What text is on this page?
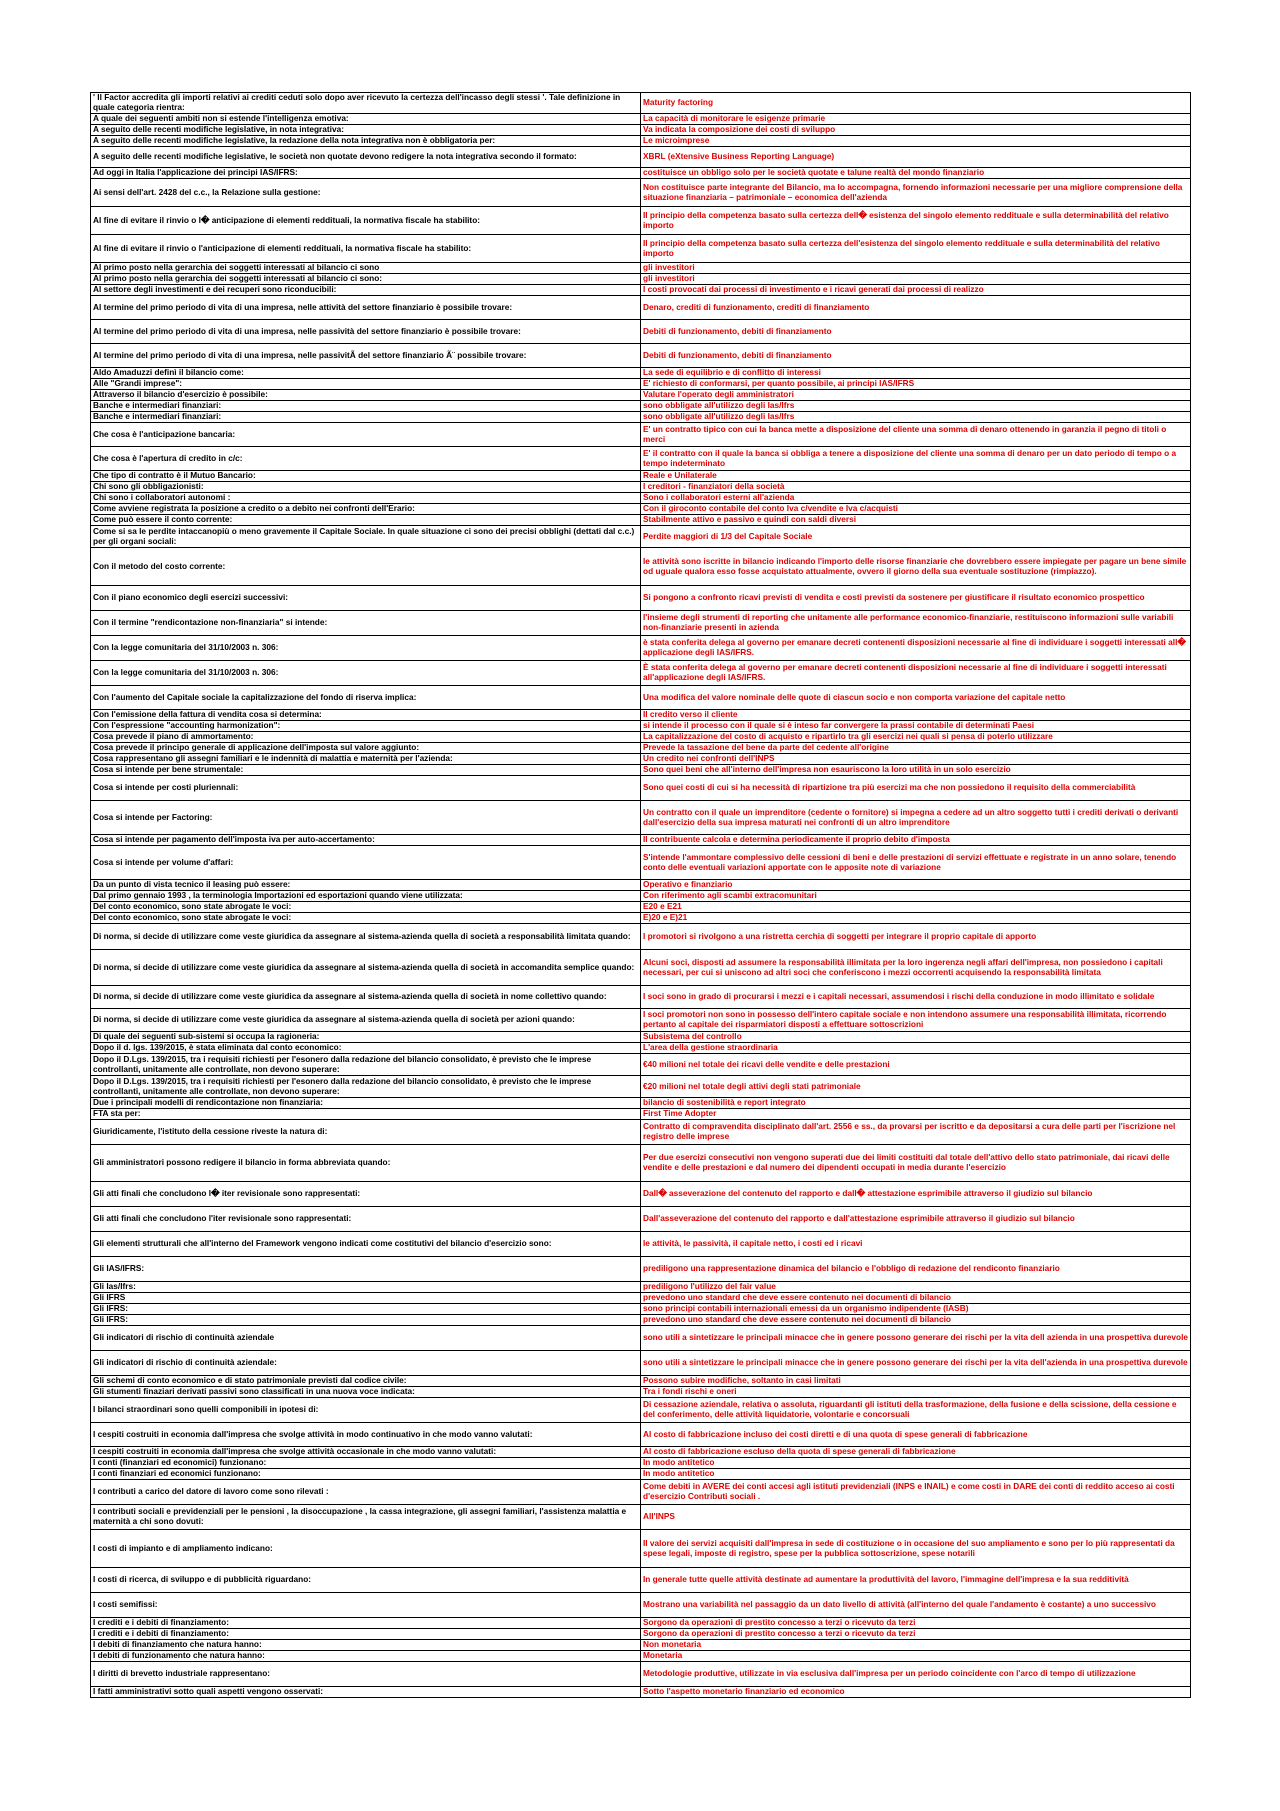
' Il Factor accredita gli importi relativi ai crediti ceduti solo dopo aver ricevuto la certezza dell'incasso degli stessi '. Tale definizione in quale categoria rientra:	Maturity factoring
A quale dei seguenti ambiti non si estende l'intelligenza emotiva:	La capacità di monitorare le esigenze primarie
A seguito delle recenti modifiche legislative, in nota integrativa:	Va indicata la composizione dei costi di sviluppo
A seguito delle recenti modifiche legislative, la redazione della nota integrativa non è obbligatoria per:	Le microimprese
A seguito delle recenti modifiche legislative, le società non quotate devono redigere la nota integrativa secondo il formato:	XBRL (eXtensive Business Reporting Language)
Ad oggi in Italia l'applicazione dei principi IAS/IFRS:	costituisce un obbligo solo per le società quotate e talune realtà del mondo finanziario
Ai sensi dell'art. 2428 del c.c., la Relazione sulla gestione:	Non costituisce parte integrante del Bilancio, ma lo accompagna, fornendo informazioni necessarie per una migliore comprensione della situazione finanziaria – patrimoniale – economica dell'azienda
Al fine di evitare il rinvio o l� anticipazione di elementi reddituali, la normativa fiscale ha stabilito:	Il principio della competenza basato sulla certezza dell� esistenza del singolo elemento reddituale e sulla determinabilità del relativo importo
Al fine di evitare il rinvio o l'anticipazione di elementi reddituali, la normativa fiscale ha stabilito:	Il principio della competenza basato sulla certezza dell'esistenza del singolo elemento reddituale e sulla determinabilità del relativo importo
Al primo posto nella gerarchia dei soggetti interessati al bilancio ci sono	gli investitori
Al primo posto nella gerarchia dei soggetti interessati al bilancio ci sono:	gli investitori
Al settore degli investimenti e dei recuperi sono riconducibili:	I costi provocati dai processi di investimento e i ricavi generati dai processi di realizzo
Al termine del primo periodo di vita di una impresa, nelle attività del settore finanziario è possibile trovare:	Denaro, crediti di funzionamento, crediti di finanziamento
Al termine del primo periodo di vita di una impresa, nelle passività del settore finanziario è possibile trovare:	Debiti di funzionamento, debiti di finanziamento
Al termine del primo periodo di vita di una impresa, nelle passivitÃ del settore finanziario Ã¨ possibile trovare:	Debiti di funzionamento, debiti di finanziamento
Aldo Amaduzzi definì il bilancio come:	La sede di equilibrio e di conflitto di interessi
Alle "Grandi imprese":	E' richiesto di conformarsi, per quanto possibile, ai principi IAS/IFRS
Attraverso il bilancio d'esercizio è possibile:	Valutare l'operato degli amministratori
Banche e intermediari finanziari:	sono obbligate all'utilizzo degli Ias/Ifrs
Banche e intermediari finanziari:	sono obbligate all'utilizzo degli Ias/Ifrs
Che cosa è l'anticipazione bancaria:	E' un contratto tipico con cui la banca mette a disposizione del cliente una somma di denaro ottenendo in garanzia il pegno di titoli o merci
Che cosa è l'apertura di credito in c/c:	E' il contratto con il quale la banca si obbliga a tenere a disposizione del cliente una somma di denaro per un dato periodo di tempo o a tempo indeterminato
Che tipo di contratto è il Mutuo Bancario:	Reale e Unilaterale
Chi sono gli obbligazionisti:	I creditori - finanziatori della società
Chi sono i collaboratori autonomi :	Sono i collaboratori esterni all'azienda
Come avviene registrata la posizione a credito o a debito nei confronti dell'Erario:	Con il giroconto contabile del conto Iva c/vendite e Iva c/acquisti
Come può essere il conto corrente:	Stabilmente attivo e passivo e quindi con saldi diversi
Come si sa le perdite intaccanopiù o meno gravemente il Capitale Sociale. In quale situazione ci sono dei precisi obblighi (dettati dal c.c.) per gli organi sociali:	Perdite maggiori di 1/3 del Capitale Sociale
Con il metodo del costo corrente:	le attività sono iscritte in bilancio indicando l'importo delle risorse finanziarie che dovrebbero essere impiegate per pagare un bene simile od uguale qualora esso fosse acquistato attualmente, ovvero il giorno della sua eventuale sostituzione (rimpiazzo).
Con il piano economico degli esercizi successivi:	Si pongono a confronto ricavi previsti di vendita e costi previsti da sostenere per giustificare il risultato economico prospettico
Con il termine "rendicontazione non-finanziaria" si intende:	l'insieme degli strumenti di reporting che unitamente alle performance economico-finanziarie, restituiscono informazioni sulle variabili non-finanziarie presenti in azienda
Con la legge comunitaria del 31/10/2003 n. 306:	è stata conferita delega al governo per emanare decreti contenenti disposizioni necessarie al fine di individuare i soggetti interessati all� applicazione degli IAS/IFRS.
Con la legge comunitaria del 31/10/2003 n. 306:	È stata conferita delega al governo per emanare decreti contenenti disposizioni necessarie al fine di individuare i soggetti interessati all'applicazione degli IAS/IFRS.
Con l'aumento del Capitale sociale la capitalizzazione del fondo di riserva implica:	Una modifica del valore nominale delle quote di ciascun socio e non comporta variazione del capitale netto
Con l'emissione della fattura di vendita cosa si determina:	Il credito verso il cliente
Con l'espressione "accounting harmonization":	si intende il processo con il quale si è inteso far convergere la prassi contabile di determinati Paesi
Cosa prevede il piano di ammortamento:	La capitalizzazione del costo di acquisto e ripartirlo tra gli esercizi nei quali si pensa di poterlo utilizzare
Cosa prevede il principo generale di applicazione dell'imposta sul valore aggiunto:	Prevede la tassazione del bene da parte del cedente all'origine
Cosa rappresentano gli assegni familiari e le indennità di malattia e maternità per l'azienda:	Un credito nei confronti dell'INPS
Cosa si intende per bene strumentale:	Sono quei beni che all'interno dell'impresa non esauriscono la loro utilità in un solo esercizio
Cosa si intende per costi pluriennali:	Sono quei costi di cui si ha necessità di ripartizione tra più esercizi ma che non possiedono il requisito della commerciabilità
Cosa si intende per Factoring:	Un contratto con il quale un imprenditore (cedente o fornitore) si impegna a cedere ad un altro soggetto tutti i crediti derivati o derivanti dall'esercizio della sua impresa maturati nei confronti di un altro imprenditore
Cosa si intende per pagamento dell'imposta iva per auto-accertamento:	Il contribuente calcola e determina periodicamente il proprio debito d'imposta
Cosa si intende per volume d'affari:	S'intende l'ammontare complessivo delle cessioni di beni e delle prestazioni di servizi effettuate e registrate in un anno solare, tenendo conto delle eventuali variazioni apportate con le apposite note di variazione
Da un punto di vista tecnico il leasing può essere:	Operativo e finanziario
Dal primo gennaio 1993 , la terminologia Importazioni ed esportazioni quando viene utilizzata:	Con riferimento agli scambi extracomunitari
Del conto economico, sono state abrogate le voci:	E20 e E21
Del conto economico, sono state abrogate le voci:	E)20 e E)21
Di norma, si decide di utilizzare come veste giuridica da assegnare al sistema-azienda quella di società a responsabilità limitata quando:	I promotori si rivolgono a una ristretta cerchia di soggetti per integrare il proprio capitale di apporto
Di norma, si decide di utilizzare come veste giuridica da assegnare al sistema-azienda quella di società in accomandita semplice quando:	Alcuni soci, disposti ad assumere la responsabilità illimitata per la loro ingerenza negli affari dell'impresa, non possiedono i capitali necessari, per cui si uniscono ad altri soci che conferiscono i mezzi occorrenti acquisendo la responsabilità limitata
Di norma, si decide di utilizzare come veste giuridica da assegnare al sistema-azienda quella di società in nome collettivo quando:	I soci sono in grado di procurarsi i mezzi e i capitali necessari, assumendosi i rischi della conduzione in modo illimitato e solidale
Di norma, si decide di utilizzare come veste giuridica da assegnare al sistema-azienda quella di società per azioni quando:	I soci promotori non sono in possesso dell'intero capitale sociale e non intendono assumere una responsabilità illimitata, ricorrendo pertanto al capitale dei risparmiatori disposti a effettuare sottoscrizioni
Di quale dei seguenti sub-sistemi si occupa la ragioneria:	Subsistema del controllo
Dopo il d. lgs. 139/2015, è stata eliminata dal conto economico:	L'area della gestione straordinaria
Dopo il D.Lgs. 139/2015, tra i requisiti richiesti per l'esonero dalla redazione del bilancio consolidato, è previsto che le imprese controllanti, unitamente alle controllate, non devono superare:	€40 milioni nel totale dei ricavi delle vendite e delle prestazioni
Dopo il D.Lgs. 139/2015, tra i requisiti richiesti per l'esonero dalla redazione del bilancio consolidato, è previsto che le imprese controllanti, unitamente alle controllate, non devono superare:	€20 milioni nel totale degli attivi degli stati patrimoniale
Due i principali modelli di rendicontazione non finanziaria:	bilancio di sostenibilità e report integrato
FTA sta per:	First Time Adopter
Giuridicamente, l'istituto della cessione riveste la natura di:	Contratto di compravendita disciplinato dall'art. 2556 e ss., da provarsi per iscritto e da depositarsi a cura delle parti per l'iscrizione nel registro delle imprese
Gli amministratori possono redigere il bilancio in forma abbreviata quando:	Per due esercizi consecutivi non vengono superati due dei limiti costituiti dal totale dell'attivo dello stato patrimoniale, dai ricavi delle vendite e delle prestazioni e dal numero dei dipendenti occupati in media durante l'esercizio
Gli atti finali che concludono l� iter revisionale sono rappresentati:	Dall� asseverazione del contenuto del rapporto e dall� attestazione esprimibile attraverso il giudizio sul bilancio
Gli atti finali che concludono l'iter revisionale sono rappresentati:	Dall'asseverazione del contenuto del rapporto e dall'attestazione esprimibile attraverso il giudizio sul bilancio
Gli elementi strutturali che all'interno del Framework vengono indicati come costitutivi del bilancio d'esercizio sono:	le attività, le passività, il capitale netto, i costi ed i ricavi
Gli IAS/IFRS:	prediligono una rappresentazione dinamica del bilancio e l'obbligo di redazione del rendiconto finanziario
Gli Ias/Ifrs:	prediligono l'utilizzo del fair value
Gli IFRS	prevedono uno standard che deve essere contenuto nei documenti di bilancio
Gli IFRS:	sono principi contabili internazionali emessi da un organismo indipendente (IASB)
Gli IFRS:	prevedono uno standard che deve essere contenuto nei documenti di bilancio
Gli indicatori di rischio di continuità aziendale	sono utili a sintetizzare le principali minacce che in genere possono generare dei rischi per la vita dell azienda in una prospettiva durevole
Gli indicatori di rischio di continuità aziendale:	sono utili a sintetizzare le principali minacce che in genere possono generare dei rischi per la vita dell'azienda in una prospettiva durevole
Gli schemi di conto economico e di stato patrimoniale previsti dal codice civile:	Possono subire modifiche, soltanto in casi limitati
Gli stumenti finaziari derivati passivi sono classificati in una nuova voce indicata:	Tra i fondi rischi e oneri
I bilanci straordinari sono quelli componibili in ipotesi di:	Di cessazione aziendale, relativa o assoluta, riguardanti gli istituti della trasformazione, della fusione e della scissione, della cessione e del conferimento, delle attività liquidatorie, volontarie e concorsuali
I cespiti costruiti in economia dall'impresa che svolge attività in modo continuativo in che modo vanno valutati:	Al costo di fabbricazione incluso dei costi diretti e di una quota di spese generali di fabbricazione
I cespiti costruiti in economia dall'impresa che svolge attività occasionale in che modo vanno valutati:	Al costo di fabbricazione escluso della quota di spese generali di fabbricazione
I conti (finanziari ed economici) funzionano:	In modo antitetico
I conti finanziari ed economici funzionano:	In modo antitetico
I contributi a carico del datore di lavoro come sono rilevati :	Come debiti in AVERE dei conti accesi agli istituti previdenziali (INPS e INAIL) e come costi in DARE dei conti di reddito acceso ai costi d'esercizio Contributi sociali .
I contributi sociali e previdenziali per le pensioni , la disoccupazione , la cassa integrazione, gli assegni familiari, l'assistenza malattia e maternità a chi sono dovuti:	All'INPS
I costi di impianto e di ampliamento indicano:	Il valore dei servizi acquisiti dall'impresa in sede di costituzione o in occasione del suo ampliamento e sono per lo più rappresentati da spese legali, imposte di registro, spese per la pubblica sottoscrizione, spese notarili
I costi di ricerca, di sviluppo e di pubblicità riguardano:	In generale tutte quelle attività destinate ad aumentare la produttività del lavoro, l'immagine dell'impresa e la sua redditività
I costi semifissi:	Mostrano una variabilità nel passaggio da un dato livello di attività (all'interno del quale l'andamento è costante) a uno successivo
I crediti e i debiti di finanziamento:	Sorgono da operazioni di prestito concesso a terzi o ricevuto da terzi
I crediti e i debiti di finanziamento:	Sorgono da operazioni di prestito concesso a terzi o ricevuto da terzi
I debiti di finanziamento che natura hanno:	Non monetaria
I debiti di funzionamento che natura hanno:	Monetaria
I diritti di brevetto industriale rappresentano:	Metodologie produttive, utilizzate in via esclusiva dall'impresa per un periodo coincidente con l'arco di tempo di utilizzazione
I fatti amministrativi sotto quali aspetti vengono osservati:	Sotto l'aspetto monetario finanziario ed economico
